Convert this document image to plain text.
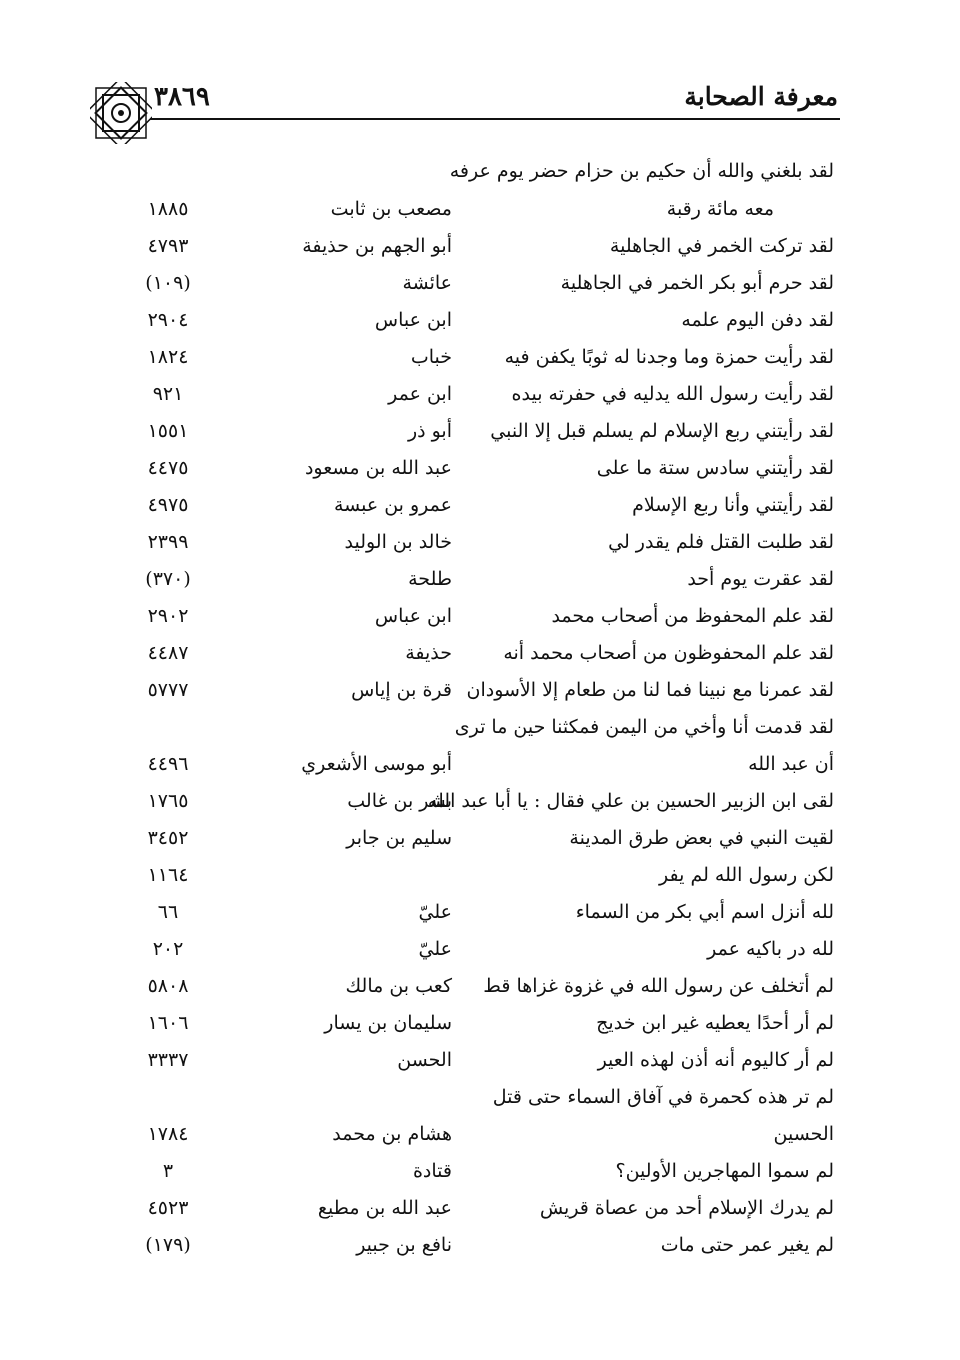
٣٨٦٩	معرفة الصحابة
لقد بلغني والله أن حكيم بن حزام حضر يوم عرفه
معه مائة رقبة
مصعب بن ثابت
١٨٨٥
لقد تركت الخمر في الجاهلية
أبو الجهم بن حذيفة
٤٧٩٣
لقد حرم أبو بكر الخمر في الجاهلية
عائشة
(١٠٩)
لقد دفن اليوم علمه
ابن عباس
٢٩٠٤
لقد رأيت حمزة وما وجدنا له ثوبًا يكفن فيه
خباب
١٨٢٤
لقد رأيت رسول الله يدليه في حفرته بيده
ابن عمر
٩٢١
لقد رأيتني ربع الإسلام لم يسلم قبل إلا النبي
أبو ذر
١٥٥١
لقد رأيتني سادس ستة ما على
عبد الله بن مسعود
٤٤٧٥
لقد رأيتني وأنا ربع الإسلام
عمرو بن عبسة
٤٩٧٥
لقد طلبت القتل فلم يقدر لي
خالد بن الوليد
٢٣٩٩
لقد عقرت يوم أحد
طلحة
(٣٧٠)
لقد علم المحفوظ من أصحاب محمد
ابن عباس
٢٩٠٢
لقد علم المحفوظون من أصحاب محمد أنه
حذيفة
٤٤٨٧
لقد عمرنا مع نبينا فما لنا من طعام إلا الأسودان
قرة بن إياس
٥٧٧٧
لقد قدمت أنا وأخي من اليمن فمكثنا حين ما ترى
أن عبد الله
أبو موسى الأشعري
٤٤٩٦
لقى ابن الزبير الحسين بن علي فقال : يا أبا عبد الله
بشر بن غالب
١٧٦٥
لقيت النبي في بعض طرق المدينة
سليم بن جابر
٣٤٥٢
لكن رسول الله لم يفر
١١٦٤
لله أنزل اسم أبي بكر من السماء
عليّ
٦٦
لله در باكيه عمر
عليّ
٢٠٢
لم أتخلف عن رسول الله في غزوة غزاها قط
كعب بن مالك
٥٨٠٨
لم أر أحدًا يعطيه غير ابن خديج
سليمان بن يسار
١٦٠٦
لم أر كاليوم أنه أذن لهذه العير
الحسن
٣٣٣٧
لم تر هذه كحمرة في آفاق السماء حتى قتل
الحسين
هشام بن محمد
١٧٨٤
لم سموا المهاجرين الأولين؟
قتادة
٣
لم يدرك الإسلام أحد من عصاة قريش
عبد الله بن مطيع
٤٥٢٣
لم يغير عمر حتى مات
نافع بن جبير
(١٧٩)
